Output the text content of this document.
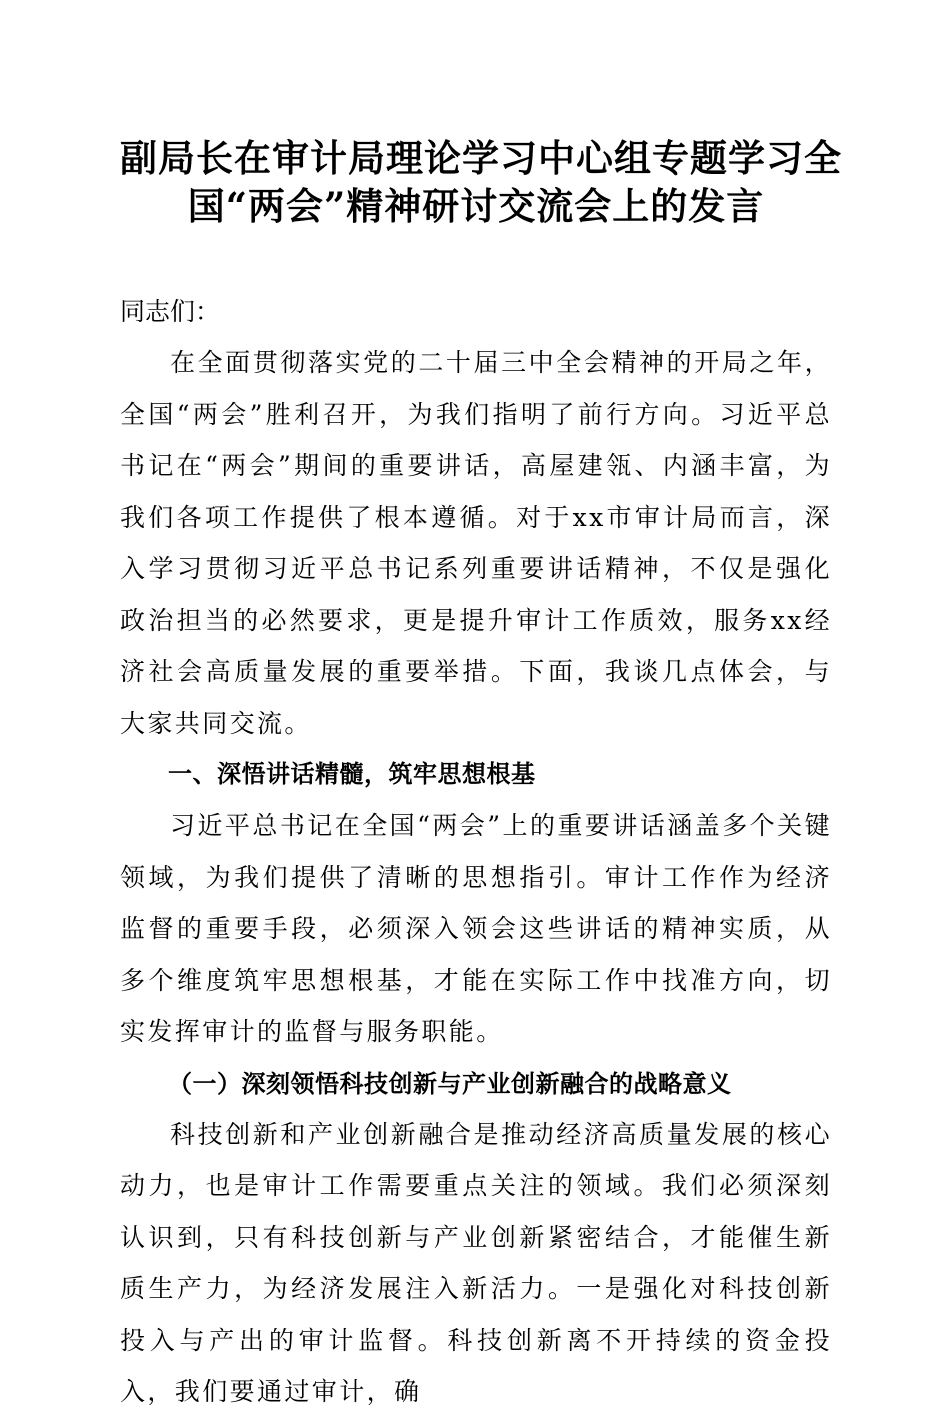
副局长在审计局理论学习中心组专题学习全
国“两会”精神研讨交流会上的发言

同志们：

在全面贯彻落实党的二十届三中全会精神的开局之年，全国“两会”胜利召开，为我们指明了前行方向。习近平总书记在“两会”期间的重要讲话，高屋建瓴、内涵丰富，为我们各项工作提供了根本遵循。对于xx市审计局而言，深入学习贯彻习近平总书记系列重要讲话精神，不仅是强化政治担当的必然要求，更是提升审计工作质效，服务xx经济社会高质量发展的重要举措。下面，我谈几点体会，与大家共同交流。

一、深悟讲话精髓，筑牢思想根基

习近平总书记在全国“两会”上的重要讲话涵盖多个关键领域，为我们提供了清晰的思想指引。审计工作作为经济监督的重要手段，必须深入领会这些讲话的精神实质，从多个维度筑牢思想根基，才能在实际工作中找准方向，切实发挥审计的监督与服务职能。

（一）深刻领悟科技创新与产业创新融合的战略意义

科技创新和产业创新融合是推动经济高质量发展的核心动力，也是审计工作需要重点关注的领域。我们必须深刻认识到，只有科技创新与产业创新紧密结合，才能催生新质生产力，为经济发展注入新活力。一是强化对科技创新投入与产出的审计监督。科技创新离不开持续的资金投入，我们要通过审计，确
